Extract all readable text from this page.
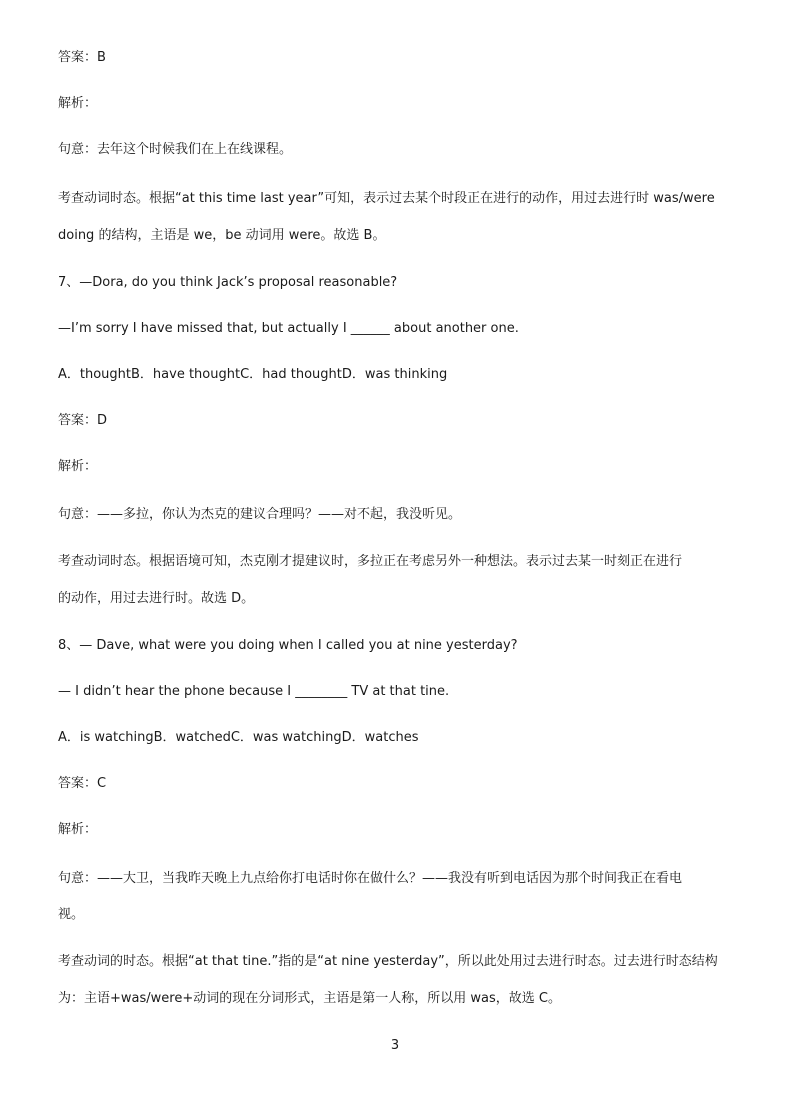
答案：B
解析：
句意：去年这个时候我们在上在线课程。
考查动词时态。根据“at this time last year”可知，表示过去某个时段正在进行的动作，用过去进行时 was/were
doing 的结构，主语是 we，be 动词用 were。故选 B。
7、—Dora, do you think Jack’s proposal reasonable?
—I’m sorry I have missed that, but actually I ______ about another one.
A．thoughtB．have thoughtC．had thoughtD．was thinking
答案：D
解析：
句意：——多拉，你认为杰克的建议合理吗？——对不起，我没听见。
考查动词时态。根据语境可知，杰克刚才提建议时，多拉正在考虑另外一种想法。表示过去某一时刻正在进行
的动作，用过去进行时。故选 D。
8、— Dave, what were you doing when I called you at nine yesterday?
— I didn’t hear the phone because I ________ TV at that tine.
A．is watchingB．watchedC．was watchingD．watches
答案：C
解析：
句意：——大卫，当我昨天晚上九点给你打电话时你在做什么？——我没有听到电话因为那个时间我正在看电
视。
考查动词的时态。根据“at that tine.”指的是“at nine yesterday”，所以此处用过去进行时态。过去进行时态结构
为：主语+was/were+动词的现在分词形式，主语是第一人称，所以用 was，故选 C。
3
